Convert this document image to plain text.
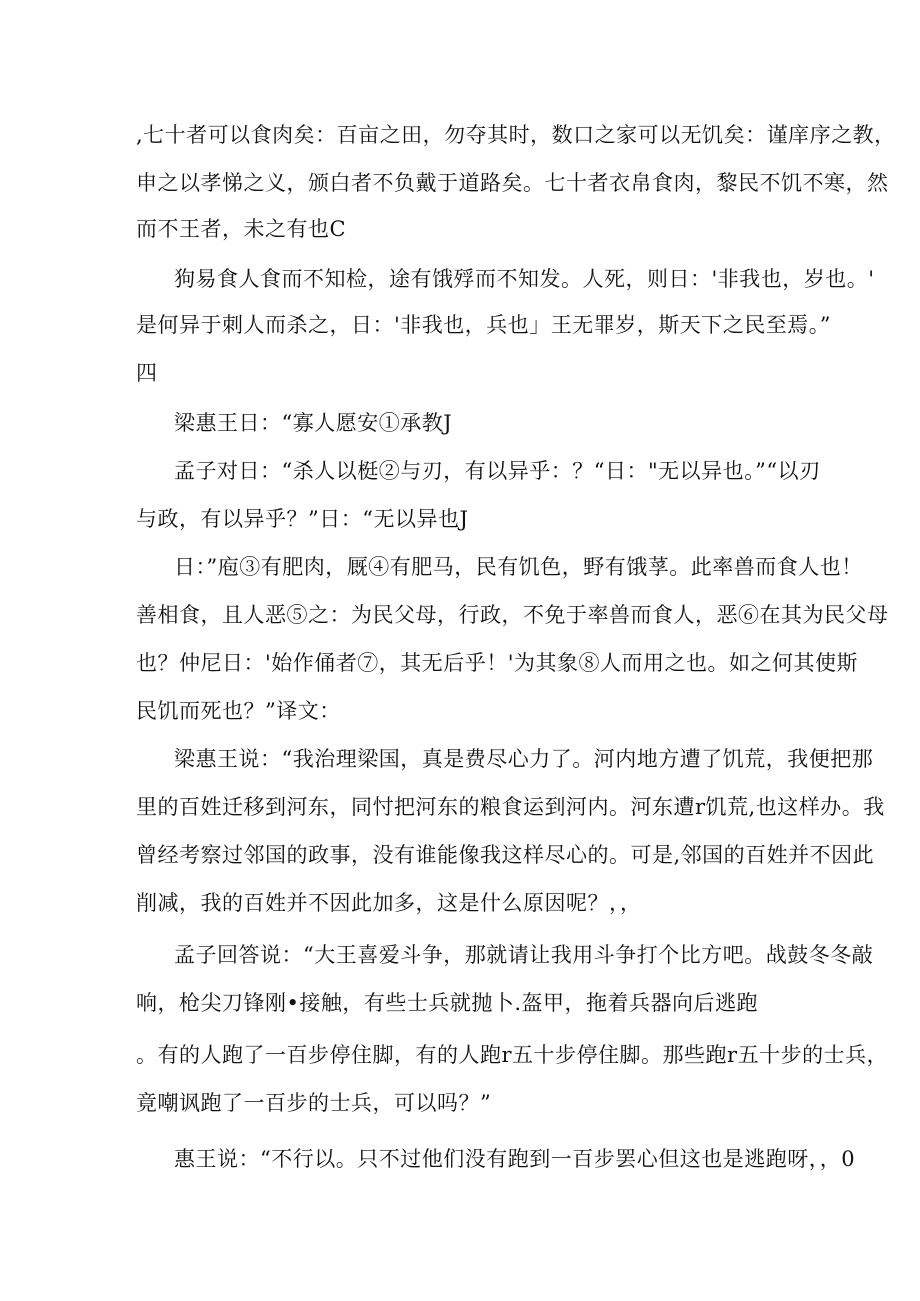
,七十者可以食肉矣：百亩之田，勿夺其时，数口之家可以无饥矣：谨庠序之教，
申之以孝悌之义，颁白者不负戴于道路矣。七十者衣帛食肉，黎民不饥不寒，然
而不王者，未之有也C
狗易食人食而不知检，途有饿殍而不知发。人死，则日：'非我也，岁也。'
是何异于刺人而杀之，日：'非我也，兵也」王无罪岁，斯天下之民至焉。”
四
梁惠王日：“寡人愿安①承教J
孟子对日：“杀人以梃②与刃，有以异乎：？“日："无以异也。”“以刃
与政，有以异乎？”日：“无以异也J
日：”庖③有肥肉，厩④有肥马，民有饥色，野有饿莩。此率兽而食人也！
善相食，且人恶⑤之：为民父母，行政，不免于率兽而食人，恶⑥在其为民父母
也？仲尼日：'始作俑者⑦，其无后乎！'为其象⑧人而用之也。如之何其使斯
民饥而死也？”译文：
梁惠王说：“我治理梁国，真是费尽心力了。河内地方遭了饥荒，我便把那
里的百姓迁移到河东，同忖把河东的粮食运到河内。河东遭r饥荒,也这样办。我
曾经考察过邻国的政事，没有谁能像我这样尽心的。可是,邻国的百姓并不因此
削减，我的百姓并不因此加多，这是什么原因呢？，，
孟子回答说：“大王喜爱斗争，那就请让我用斗争打个比方吧。战鼓冬冬敲
响，枪尖刀锋刚•接触，有些士兵就抛卜.盔甲，拖着兵器向后逃跑
。有的人跑了一百步停住脚，有的人跑r五十步停住脚。那些跑r五十步的士兵，
竟嘲讽跑了一百步的士兵，可以吗？”
惠王说：“不行以。只不过他们没有跑到一百步罢心但这也是逃跑呀，，0
